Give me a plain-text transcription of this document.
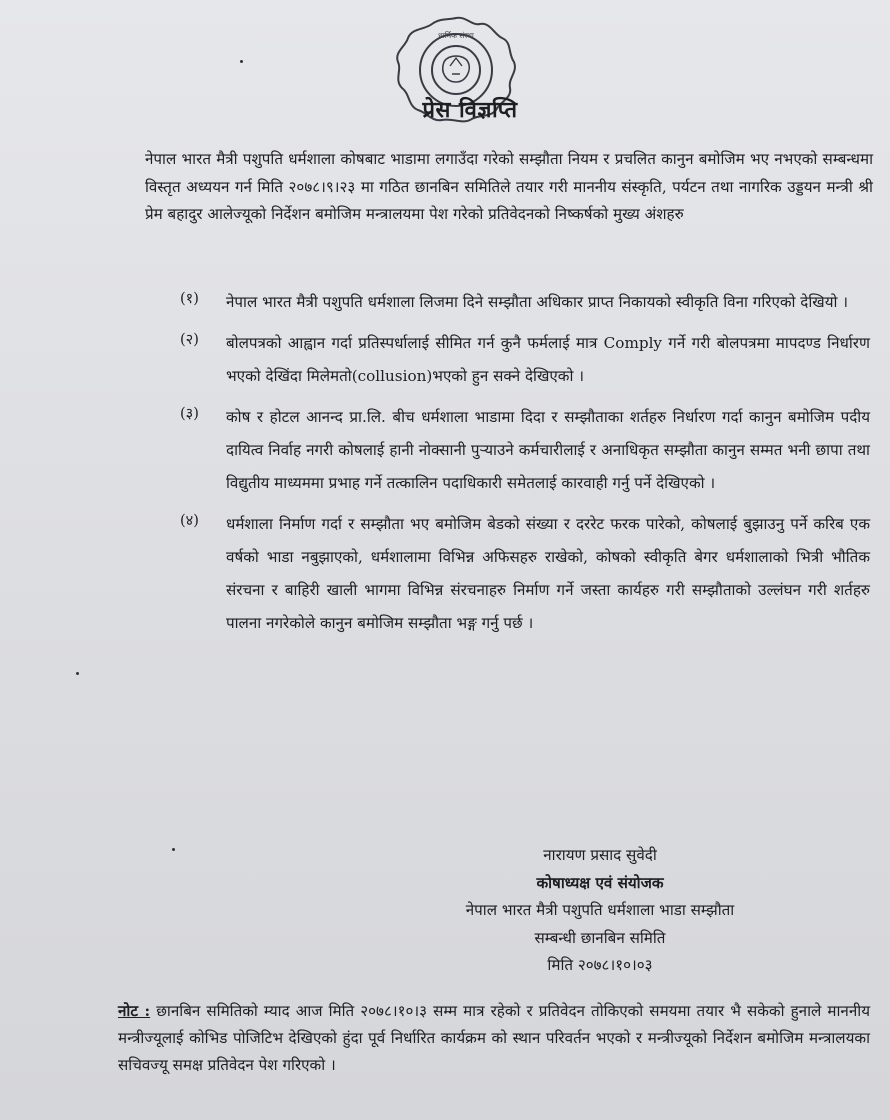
धार्मिक संस्था
प्रेस विज्ञप्ति

नेपाल भारत मैत्री पशुपति धर्मशाला कोषबाट भाडामा लगाउँदा गरेको सम्झौता नियम र प्रचलित कानुन बमोजिम भए नभएको सम्बन्धमा विस्तृत अध्ययन गर्न मिति २०७८।९।२३ मा गठित छानबिन समितिले तयार गरी माननीय संस्कृति, पर्यटन तथा नागरिक उड्डयन मन्त्री श्री प्रेम बहादुर आलेज्यूको निर्देशन बमोजिम मन्त्रालयमा पेश गरेको प्रतिवेदनको निष्कर्षको मुख्य अंशहरु

(१) नेपाल भारत मैत्री पशुपति धर्मशाला लिजमा दिने सम्झौता अधिकार प्राप्त निकायको स्वीकृति विना गरिएको देखियो ।
(२) बोलपत्रको आह्वान गर्दा प्रतिस्पर्धालाई सीमित गर्न कुनै फर्मलाई मात्र Comply गर्ने गरी बोलपत्रमा मापदण्ड निर्धारण भएको देखिंदा मिलेमतो(collusion)भएको हुन सक्ने देखिएको ।
(३) कोष र होटल आनन्द प्रा.लि. बीच धर्मशाला भाडामा दिदा र सम्झौताका शर्तहरु निर्धारण गर्दा कानुन बमोजिम पदीय दायित्व निर्वाह नगरी कोषलाई हानी नोक्सानी पुऱ्याउने कर्मचारीलाई र अनाधिकृत सम्झौता कानुन सम्मत भनी छापा तथा विद्युतीय माध्यममा प्रभाह गर्ने तत्कालिन पदाधिकारी समेतलाई कारवाही गर्नु पर्ने देखिएको ।
(४) धर्मशाला निर्माण गर्दा र सम्झौता भए बमोजिम बेडको संख्या र दररेट फरक पारेको, कोषलाई बुझाउनु पर्ने करिब एक वर्षको भाडा नबुझाएको, धर्मशालामा विभिन्न अफिसहरु राखेको, कोषको स्वीकृति बेगर धर्मशालाको भित्री भौतिक संरचना र बाहिरी खाली भागमा विभिन्न संरचनाहरु निर्माण गर्ने जस्ता कार्यहरु गरी सम्झौताको उल्लंघन गरी शर्तहरु पालना नगरेकोले कानुन बमोजिम सम्झौता भङ्ग गर्नु पर्छ ।
नारायण प्रसाद सुवेदी
कोषाध्यक्ष एवं संयोजक
नेपाल भारत मैत्री पशुपति धर्मशाला भाडा सम्झौता
सम्बन्धी छानबिन समिति
मिति २०७८।१०।०३
नोट : छानबिन समितिको म्याद आज मिति २०७८।१०।३ सम्म मात्र रहेको र प्रतिवेदन तोकिएको समयमा तयार भै सकेको हुनाले माननीय मन्त्रीज्यूलाई कोभिड पोजिटिभ देखिएको हुंदा पूर्व निर्धारित कार्यक्रम को स्थान परिवर्तन भएको र मन्त्रीज्यूको निर्देशन बमोजिम मन्त्रालयका सचिवज्यू समक्ष प्रतिवेदन पेश गरिएको ।
